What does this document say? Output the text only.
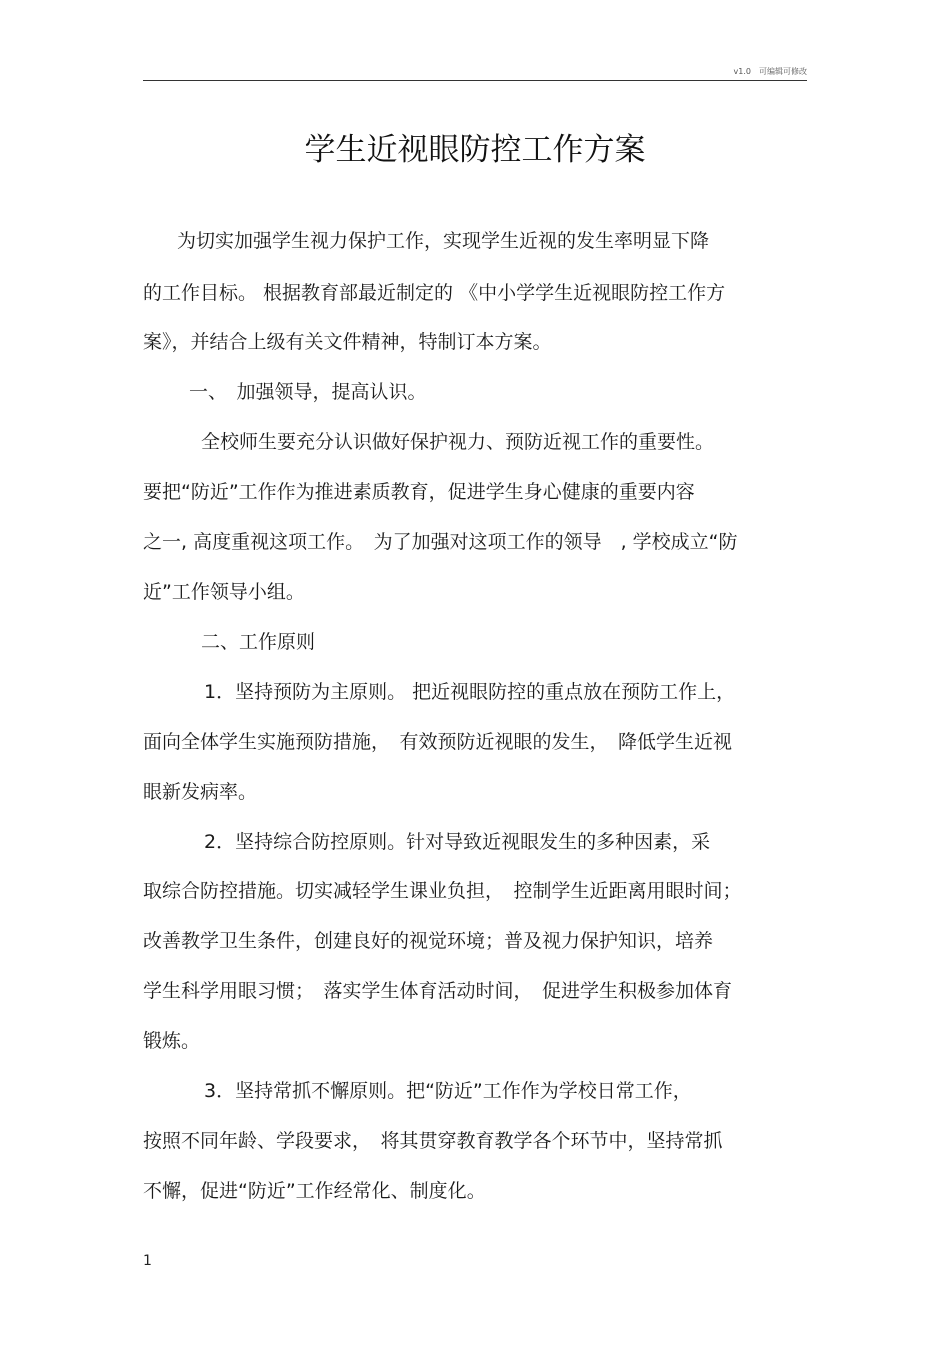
v1.0　可编辑可修改
学生近视眼防控工作方案
为切实加强学生视力保护工作，实现学生近视的发生率明显下降
的工作目标。 根据教育部最近制定的 《中小学学生近视眼防控工作方
案》，并结合上级有关文件精神，特制订本方案。
一、　加强领导，提高认识。
全校师生要充分认识做好保护视力、预防近视工作的重要性。
要把“防近”工作作为推进素质教育，促进学生身心健康的重要内容
之一, 高度重视这项工作。　为了加强对这项工作的领导　, 学校成立“防
近”工作领导小组。
二、工作原则
1．坚持预防为主原则。 把近视眼防控的重点放在预防工作上，
面向全体学生实施预防措施，　有效预防近视眼的发生，　降低学生近视
眼新发病率。
2．坚持综合防控原则。针对导致近视眼发生的多种因素，采
取综合防控措施。切实减轻学生课业负担，　控制学生近距离用眼时间；
改善教学卫生条件，创建良好的视觉环境；普及视力保护知识，培养
学生科学用眼习惯；　落实学生体育活动时间，　促进学生积极参加体育
锻炼。
3．坚持常抓不懈原则。把“防近”工作作为学校日常工作，
按照不同年龄、学段要求，　将其贯穿教育教学各个环节中，坚持常抓
不懈，促进“防近”工作经常化、制度化。
1
